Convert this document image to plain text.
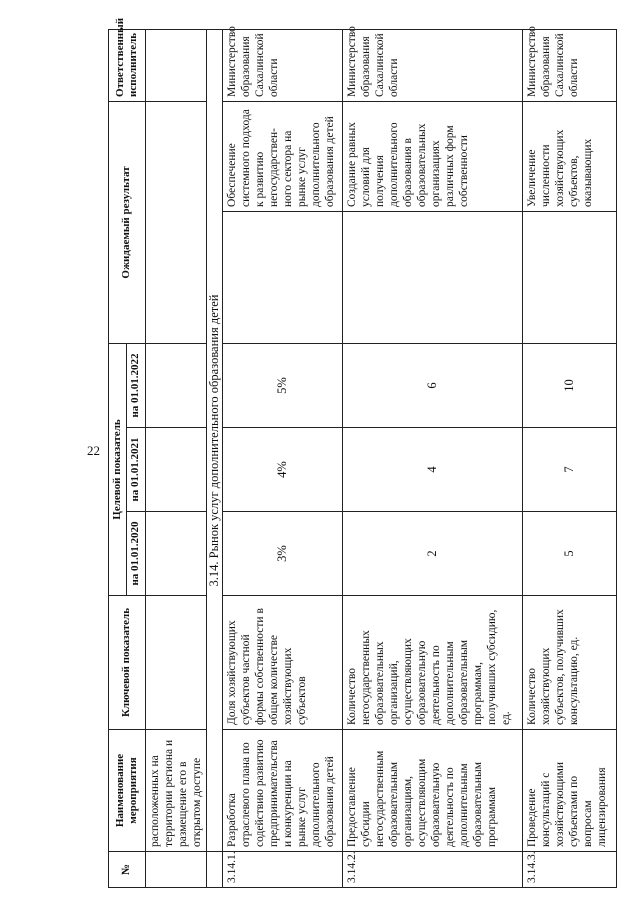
22
№	Наименование мероприятия	Ключевой показатель	Целевой показатель			Ожидаемый результат		Ответственный исполнитель
			на 01.01.2020	на 01.01.2021	на 01.01.2022			
	расположенных на территории региона и размещение его в открытом доступе							
	3.14. Рынок услуг дополнительного образования детей							
3.14.1.	Разработка отраслевого плана по содействию развитию предпринимательства и конкуренции на рынке услуг дополнительного образования детей	Доля хозяйствующих субъектов частной формы собственности в общем количестве хозяйствующих субъектов	3%	4%	5%		Обеспечение системного подхода к развитию негосударствен-ного сектора на рынке услуг дополнительного образования детей	Министерство образования Сахалинской области
3.14.2.	Предоставление субсидии негосударственным образовательным организациям, осуществляющим образовательную деятельность по дополнительным образовательным программам	Количество негосударственных образовательных организаций, осуществляющих образовательную деятельность по дополнительным образовательным программам, получивших субсидию, ед.	2	4	6		Создание равных условий для получения дополнительного образования в образовательных организациях различных форм собственности	Министерство образования Сахалинской области
3.14.3.	Проведение консультаций с хозяйствующими субъектами по вопросам лицензирования	Количество хозяйствующих субъектов, получивших консультацию, ед.	5	7	10		Увеличение численности хозяйствующих субъектов, оказывающих	Министерство образования Сахалинской области
